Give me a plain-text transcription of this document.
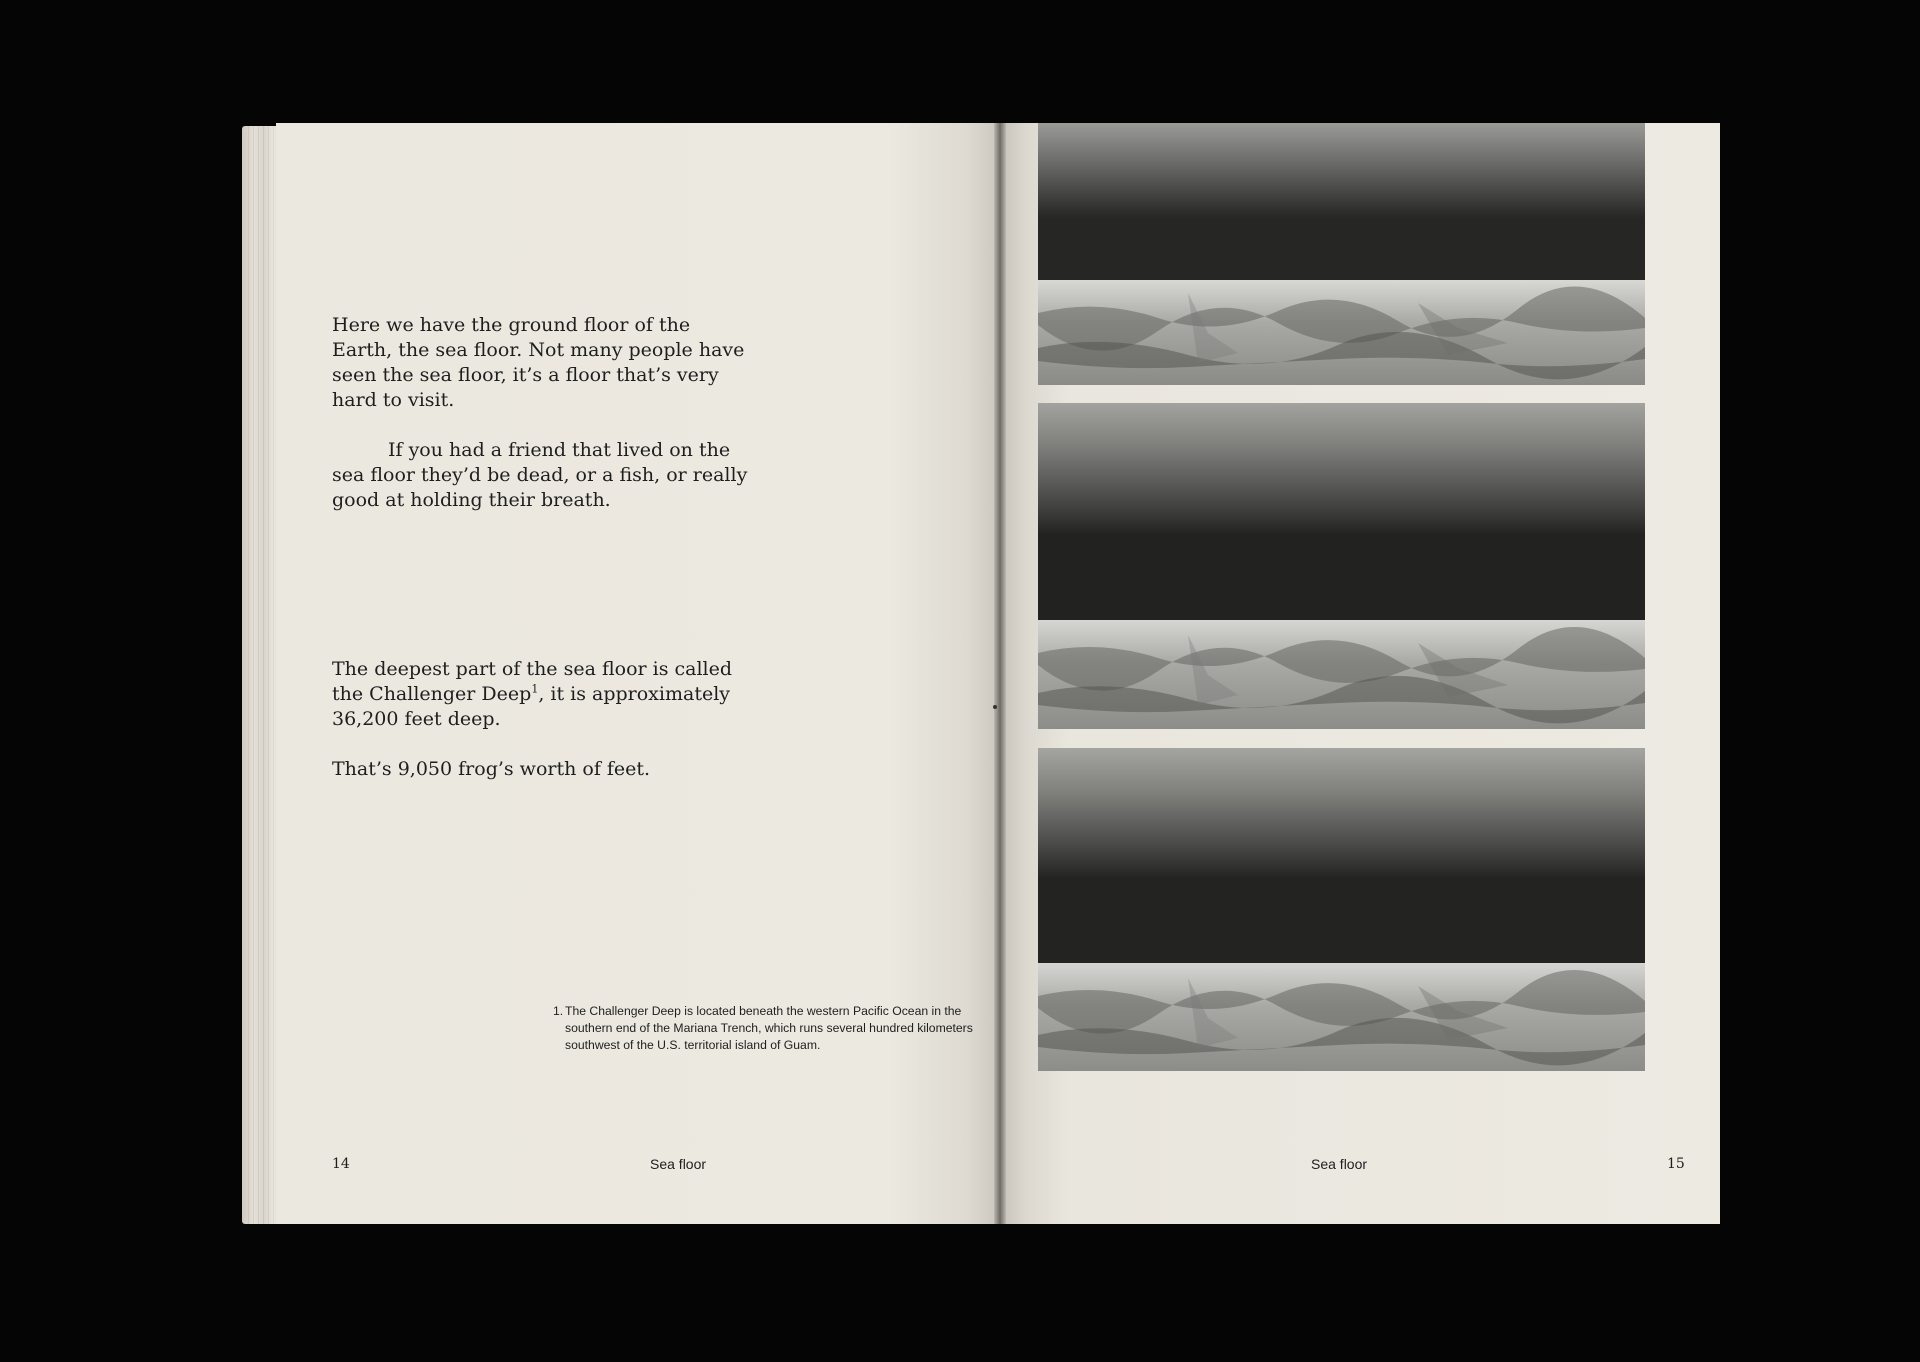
Here we have the ground floor of the Earth, the sea floor. Not many people have seen the sea floor, it’s a floor that’s very hard to visit.

If you had a friend that lived on the sea floor they’d be dead, or a fish, or really good at holding their breath.

The deepest part of the sea floor is called the Challenger Deep$^1$, it is approximately 36,200 feet deep.

That’s 9,050 frog’s worth of feet.

1. The Challenger Deep is located beneath the western Pacific Ocean in the southern end of the Mariana Trench, which runs several hundred kilometers southwest of the U.S. territorial island of Guam.
14	Sea floor	Sea floor	15
